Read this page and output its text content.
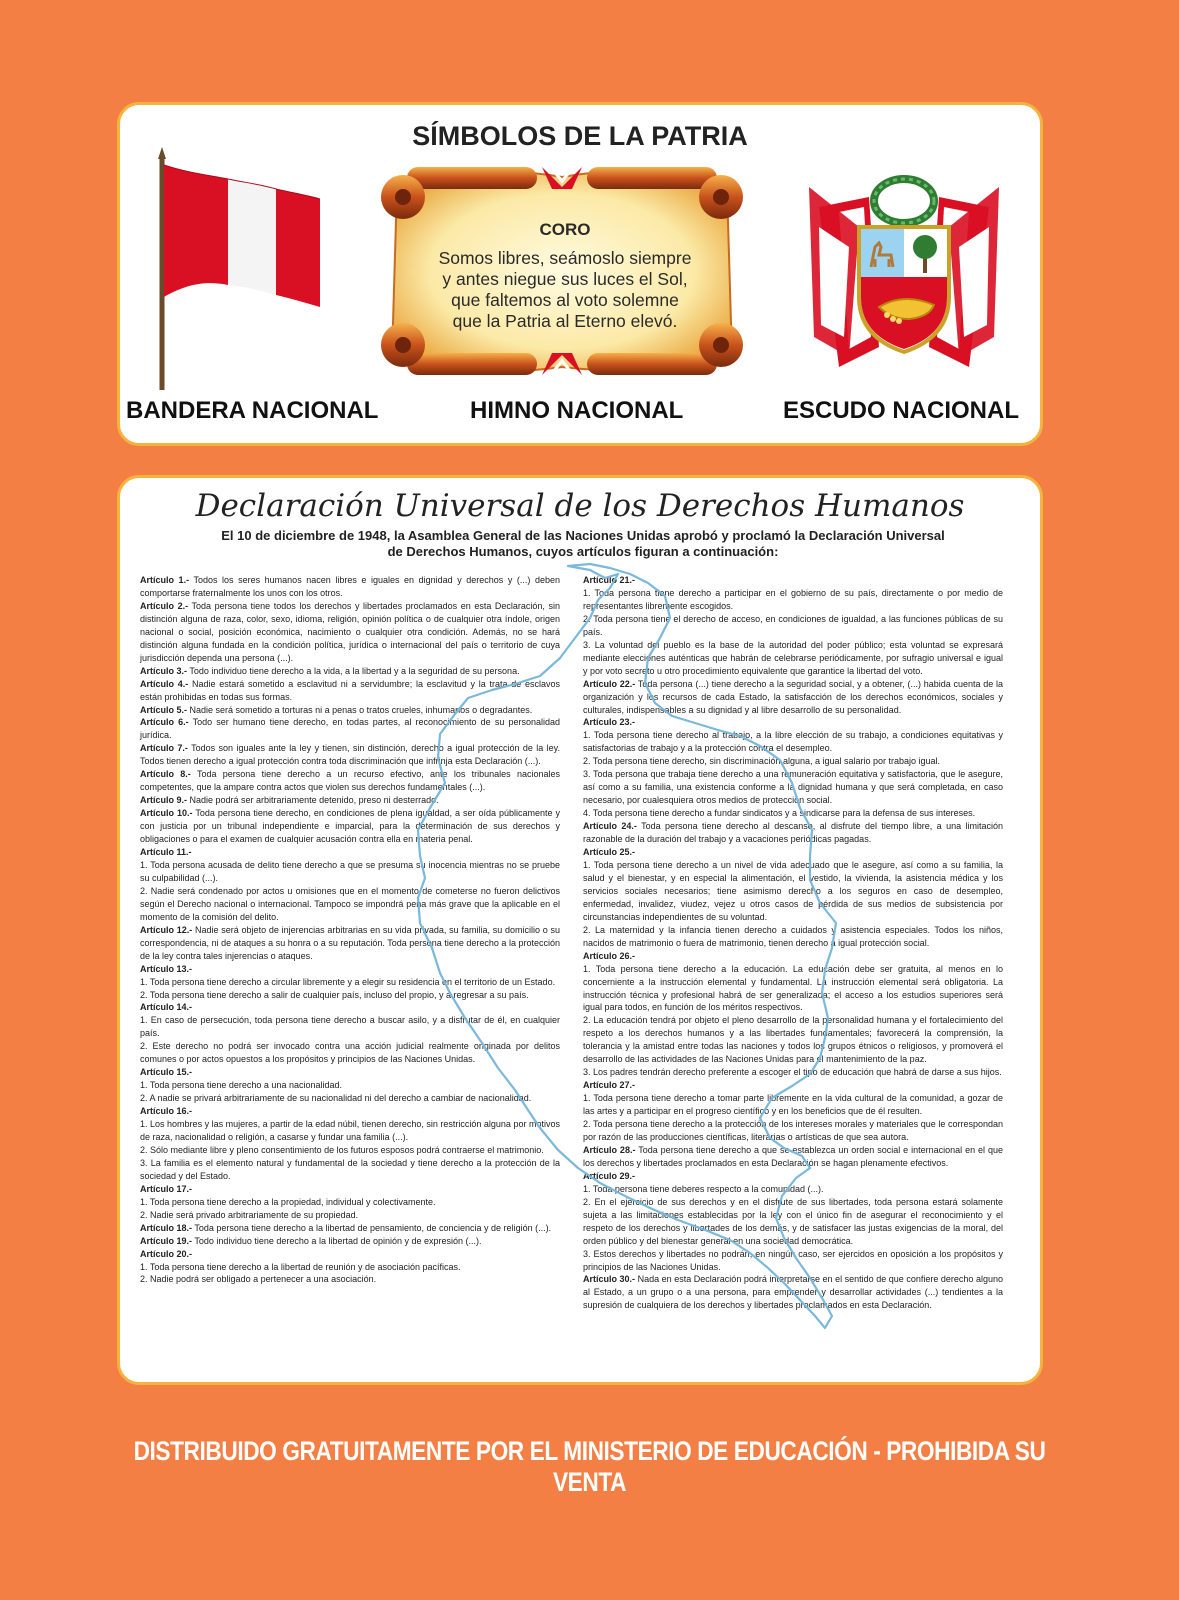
SÍMBOLOS DE LA PATRIA
CORO
Somos libres, seámoslo siempre
y antes niegue sus luces el Sol,
que faltemos al voto solemne
que la Patria al Eterno elevó.
BANDERA NACIONAL	HIMNO NACIONAL	ESCUDO NACIONAL
Declaración Universal de los Derechos Humanos
El 10 de diciembre de 1948, la Asamblea General de las Naciones Unidas aprobó y proclamó la Declaración Universal
de Derechos Humanos, cuyos artículos figuran a continuación:

Artículo 1.- Todos los seres humanos nacen libres e iguales en dignidad y derechos y (...) deben comportarse fraternalmente los unos con los otros.

Artículo 2.- Toda persona tiene todos los derechos y libertades proclamados en esta Declaración, sin distinción alguna de raza, color, sexo, idioma, religión, opinión política o de cualquier otra índole, origen nacional o social, posición económica, nacimiento o cualquier otra condición. Además, no se hará distinción alguna fundada en la condición política, jurídica o internacional del país o territorio de cuya jurisdicción dependa una persona (...).

Artículo 3.- Todo individuo tiene derecho a la vida, a la libertad y a la seguridad de su persona.

Artículo 4.- Nadie estará sometido a esclavitud ni a servidumbre; la esclavitud y la trata de esclavos están prohibidas en todas sus formas.

Artículo 5.- Nadie será sometido a torturas ni a penas o tratos crueles, inhumanos o degradantes.

Artículo 6.- Todo ser humano tiene derecho, en todas partes, al reconocimiento de su personalidad jurídica.

Artículo 7.- Todos son iguales ante la ley y tienen, sin distinción, derecho a igual protección de la ley. Todos tienen derecho a igual protección contra toda discriminación que infrinja esta Declaración (...).

Artículo 8.- Toda persona tiene derecho a un recurso efectivo, ante los tribunales nacionales competentes, que la ampare contra actos que violen sus derechos fundamentales (...).

Artículo 9.- Nadie podrá ser arbitrariamente detenido, preso ni desterrado.

Artículo 10.- Toda persona tiene derecho, en condiciones de plena igualdad, a ser oída públicamente y con justicia por un tribunal independiente e imparcial, para la determinación de sus derechos y obligaciones o para el examen de cualquier acusación contra ella en materia penal.

Artículo 11.-

1. Toda persona acusada de delito tiene derecho a que se presuma su inocencia mientras no se pruebe su culpabilidad (...).

2. Nadie será condenado por actos u omisiones que en el momento de cometerse no fueron delictivos según el Derecho nacional o internacional. Tampoco se impondrá pena más grave que la aplicable en el momento de la comisión del delito.

Artículo 12.- Nadie será objeto de injerencias arbitrarias en su vida privada, su familia, su domicilio o su correspondencia, ni de ataques a su honra o a su reputación. Toda persona tiene derecho a la protección de la ley contra tales injerencias o ataques.

Artículo 13.-

1. Toda persona tiene derecho a circular libremente y a elegir su residencia en el territorio de un Estado.

2. Toda persona tiene derecho a salir de cualquier país, incluso del propio, y a regresar a su país.

Artículo 14.-

1. En caso de persecución, toda persona tiene derecho a buscar asilo, y a disfrutar de él, en cualquier país.

2. Este derecho no podrá ser invocado contra una acción judicial realmente originada por delitos comunes o por actos opuestos a los propósitos y principios de las Naciones Unidas.

Artículo 15.-

1. Toda persona tiene derecho a una nacionalidad.

2. A nadie se privará arbitrariamente de su nacionalidad ni del derecho a cambiar de nacionalidad.

Artículo 16.-

1. Los hombres y las mujeres, a partir de la edad núbil, tienen derecho, sin restricción alguna por motivos de raza, nacionalidad o religión, a casarse y fundar una familia (...).

2. Sólo mediante libre y pleno consentimiento de los futuros esposos podrá contraerse el matrimonio.

3. La familia es el elemento natural y fundamental de la sociedad y tiene derecho a la protección de la sociedad y del Estado.

Artículo 17.-

1. Toda persona tiene derecho a la propiedad, individual y colectivamente.

2. Nadie será privado arbitrariamente de su propiedad.

Artículo 18.- Toda persona tiene derecho a la libertad de pensamiento, de conciencia y de religión (...).

Artículo 19.- Todo individuo tiene derecho a la libertad de opinión y de expresión (...).

Artículo 20.-

1. Toda persona tiene derecho a la libertad de reunión y de asociación pacíficas.

2. Nadie podrá ser obligado a pertenecer a una asociación.

Artículo 21.-

1. Toda persona tiene derecho a participar en el gobierno de su país, directamente o por medio de representantes libremente escogidos.

2. Toda persona tiene el derecho de acceso, en condiciones de igualdad, a las funciones públicas de su país.

3. La voluntad del pueblo es la base de la autoridad del poder público; esta voluntad se expresará mediante elecciones auténticas que habrán de celebrarse periódicamente, por sufragio universal e igual y por voto secreto u otro procedimiento equivalente que garantice la libertad del voto.

Artículo 22.- Toda persona (...) tiene derecho a la seguridad social, y a obtener, (...) habida cuenta de la organización y los recursos de cada Estado, la satisfacción de los derechos económicos, sociales y culturales, indispensables a su dignidad y al libre desarrollo de su personalidad.

Artículo 23.-

1. Toda persona tiene derecho al trabajo, a la libre elección de su trabajo, a condiciones equitativas y satisfactorias de trabajo y a la protección contra el desempleo.

2. Toda persona tiene derecho, sin discriminación alguna, a igual salario por trabajo igual.

3. Toda persona que trabaja tiene derecho a una remuneración equitativa y satisfactoria, que le asegure, así como a su familia, una existencia conforme a la dignidad humana y que será completada, en caso necesario, por cualesquiera otros medios de protección social.

4. Toda persona tiene derecho a fundar sindicatos y a sindicarse para la defensa de sus intereses.

Artículo 24.- Toda persona tiene derecho al descanso, al disfrute del tiempo libre, a una limitación razonable de la duración del trabajo y a vacaciones periódicas pagadas.

Artículo 25.-

1. Toda persona tiene derecho a un nivel de vida adecuado que le asegure, así como a su familia, la salud y el bienestar, y en especial la alimentación, el vestido, la vivienda, la asistencia médica y los servicios sociales necesarios; tiene asimismo derecho a los seguros en caso de desempleo, enfermedad, invalidez, viudez, vejez u otros casos de pérdida de sus medios de subsistencia por circunstancias independientes de su voluntad.

2. La maternidad y la infancia tienen derecho a cuidados y asistencia especiales. Todos los niños, nacidos de matrimonio o fuera de matrimonio, tienen derecho a igual protección social.

Artículo 26.-

1. Toda persona tiene derecho a la educación. La educación debe ser gratuita, al menos en lo concerniente a la instrucción elemental y fundamental. La instrucción elemental será obligatoria. La instrucción técnica y profesional habrá de ser generalizada; el acceso a los estudios superiores será igual para todos, en función de los méritos respectivos.

2. La educación tendrá por objeto el pleno desarrollo de la personalidad humana y el fortalecimiento del respeto a los derechos humanos y a las libertades fundamentales; favorecerá la comprensión, la tolerancia y la amistad entre todas las naciones y todos los grupos étnicos o religiosos, y promoverá el desarrollo de las actividades de las Naciones Unidas para el mantenimiento de la paz.

3. Los padres tendrán derecho preferente a escoger el tipo de educación que habrá de darse a sus hijos.

Artículo 27.-

1. Toda persona tiene derecho a tomar parte libremente en la vida cultural de la comunidad, a gozar de las artes y a participar en el progreso científico y en los beneficios que de él resulten.

2. Toda persona tiene derecho a la protección de los intereses morales y materiales que le correspondan por razón de las producciones científicas, literarias o artísticas de que sea autora.

Artículo 28.- Toda persona tiene derecho a que se establezca un orden social e internacional en el que los derechos y libertades proclamados en esta Declaración se hagan plenamente efectivos.

Artículo 29.-

1. Toda persona tiene deberes respecto a la comunidad (...).

2. En el ejercicio de sus derechos y en el disfrute de sus libertades, toda persona estará solamente sujeta a las limitaciones establecidas por la ley con el único fin de asegurar el reconocimiento y el respeto de los derechos y libertades de los demás, y de satisfacer las justas exigencias de la moral, del orden público y del bienestar general en una sociedad democrática.

3. Estos derechos y libertades no podrán, en ningún caso, ser ejercidos en oposición a los propósitos y principios de las Naciones Unidas.

Artículo 30.- Nada en esta Declaración podrá interpretarse en el sentido de que confiere derecho alguno al Estado, a un grupo o a una persona, para emprender y desarrollar actividades (...) tendientes a la supresión de cualquiera de los derechos y libertades proclamados en esta Declaración.

DISTRIBUIDO GRATUITAMENTE POR EL MINISTERIO DE EDUCACIÓN - PROHIBIDA SU VENTA
